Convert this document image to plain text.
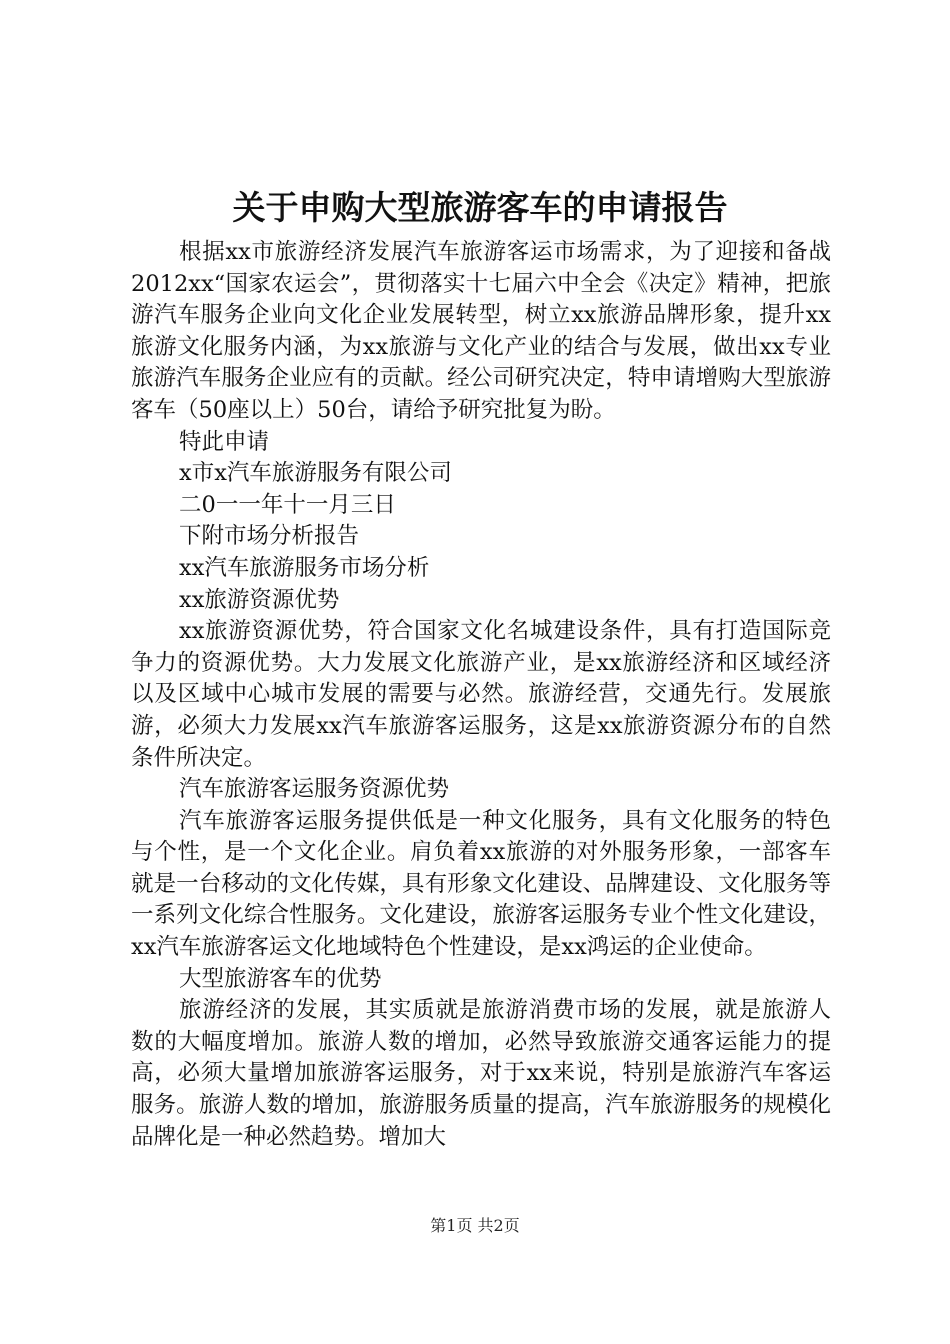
关于申购大型旅游客车的申请报告

根据xx市旅游经济发展汽车旅游客运市场需求，为了迎接和备战2012xx“国家农运会”，贯彻落实十七届六中全会《决定》精神，把旅游汽车服务企业向文化企业发展转型，树立xx旅游品牌形象，提升xx旅游文化服务内涵，为xx旅游与文化产业的结合与发展，做出xx专业旅游汽车服务企业应有的贡献。经公司研究决定，特申请增购大型旅游客车（50座以上）50台，请给予研究批复为盼。

特此申请

x市x汽车旅游服务有限公司

二0一一年十一月三日

下附市场分析报告

xx汽车旅游服务市场分析

xx旅游资源优势

xx旅游资源优势，符合国家文化名城建设条件，具有打造国际竞争力的资源优势。大力发展文化旅游产业，是xx旅游经济和区域经济以及区域中心城市发展的需要与必然。旅游经营，交通先行。发展旅游，必须大力发展xx汽车旅游客运服务，这是xx旅游资源分布的自然条件所决定。

汽车旅游客运服务资源优势

汽车旅游客运服务提供低是一种文化服务，具有文化服务的特色与个性，是一个文化企业。肩负着xx旅游的对外服务形象，一部客车就是一台移动的文化传媒，具有形象文化建设、品牌建设、文化服务等一系列文化综合性服务。文化建设，旅游客运服务专业个性文化建设，xx汽车旅游客运文化地域特色个性建设，是xx鸿运的企业使命。

大型旅游客车的优势

旅游经济的发展，其实质就是旅游消费市场的发展，就是旅游人数的大幅度增加。旅游人数的增加，必然导致旅游交通客运能力的提高，必须大量增加旅游客运服务，对于xx来说，特别是旅游汽车客运服务。旅游人数的增加，旅游服务质量的提高，汽车旅游服务的规模化品牌化是一种必然趋势。增加大

第1页 共2页
